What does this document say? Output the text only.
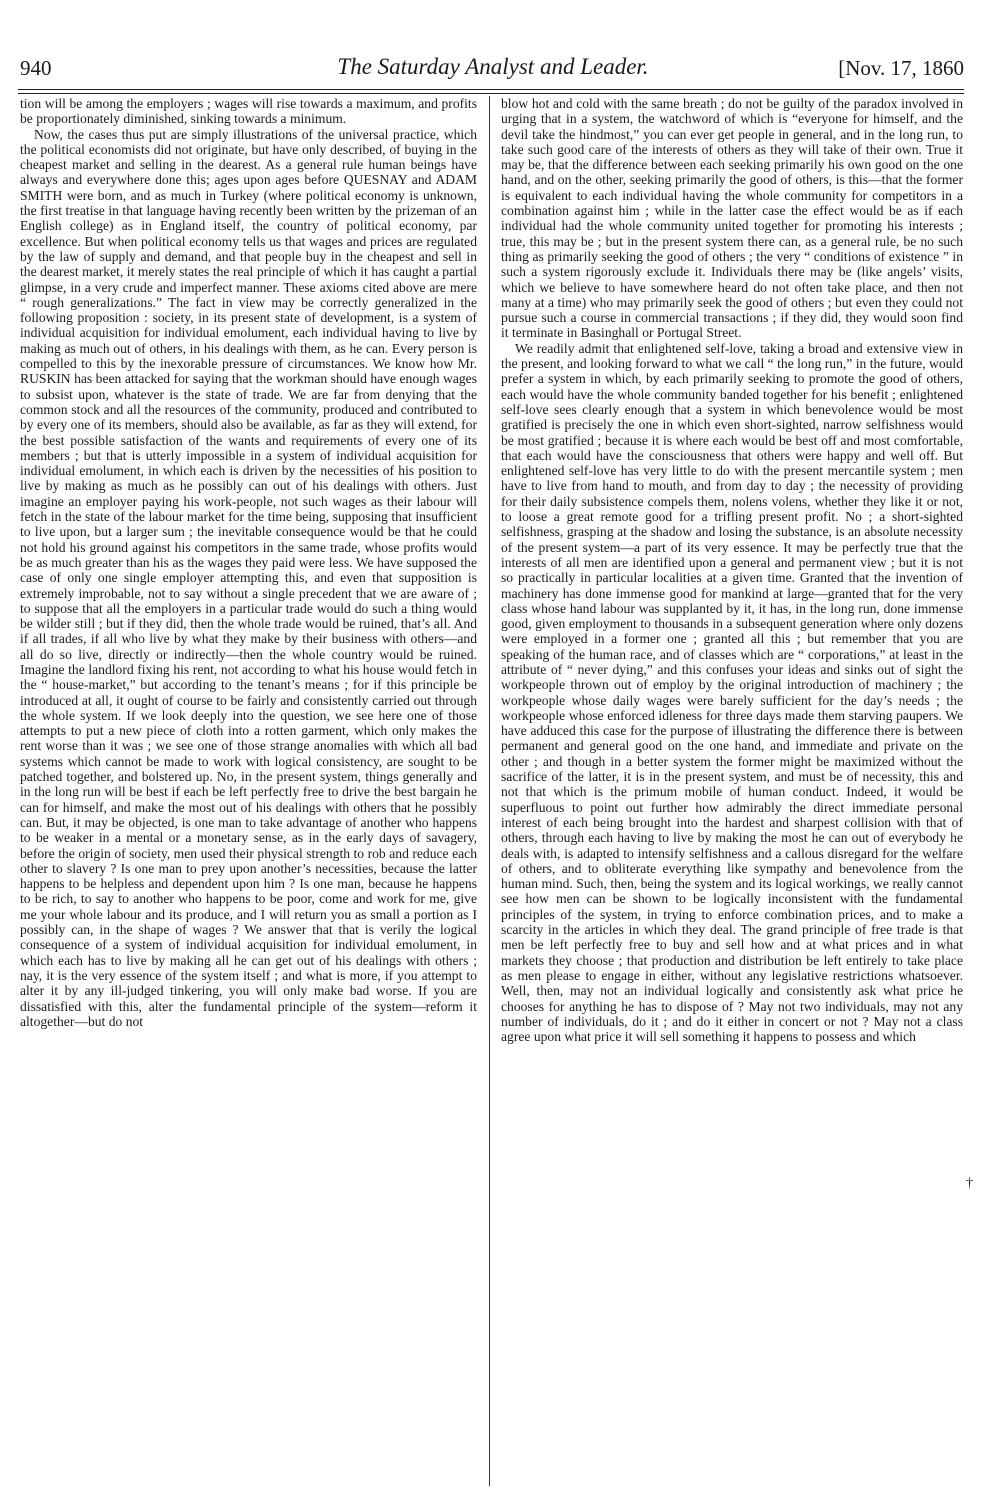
940	The Saturday Analyst and Leader.	[Nov. 17, 1860

tion will be among the employers ; wages will rise towards a maximum, and profits be proportionately diminished, sinking towards a minimum.

Now, the cases thus put are simply illustrations of the universal practice, which the political economists did not originate, but have only described, of buying in the cheapest market and selling in the dearest. As a general rule human beings have always and everywhere done this; ages upon ages before QUESNAY and ADAM SMITH were born, and as much in Turkey (where political economy is unknown, the first treatise in that language having recently been written by the prizeman of an English college) as in England itself, the country of political economy, par excellence. But when political economy tells us that wages and prices are regulated by the law of supply and demand, and that people buy in the cheapest and sell in the dearest market, it merely states the real principle of which it has caught a partial glimpse, in a very crude and imperfect manner. These axioms cited above are mere “ rough generalizations.” The fact in view may be correctly generalized in the following proposition : society, in its present state of development, is a system of individual acquisition for individual emolument, each individual having to live by making as much out of others, in his dealings with them, as he can. Every person is compelled to this by the inexorable pressure of circumstances. We know how Mr. RUSKIN has been attacked for saying that the workman should have enough wages to subsist upon, whatever is the state of trade. We are far from denying that the common stock and all the resources of the community, produced and contributed to by every one of its members, should also be available, as far as they will extend, for the best possible satisfaction of the wants and requirements of every one of its members ; but that is utterly impossible in a system of individual acquisition for individual emolument, in which each is driven by the necessities of his position to live by making as much as he possibly can out of his dealings with others. Just imagine an employer paying his work-people, not such wages as their labour will fetch in the state of the labour market for the time being, supposing that insufficient to live upon, but a larger sum ; the inevitable consequence would be that he could not hold his ground against his competitors in the same trade, whose profits would be as much greater than his as the wages they paid were less. We have supposed the case of only one single employer attempting this, and even that supposition is extremely improbable, not to say without a single precedent that we are aware of ; to suppose that all the employers in a particular trade would do such a thing would be wilder still ; but if they did, then the whole trade would be ruined, that’s all. And if all trades, if all who live by what they make by their business with others—and all do so live, directly or indirectly—then the whole country would be ruined. Imagine the landlord fixing his rent, not according to what his house would fetch in the “ house-market,” but according to the tenant’s means ; for if this principle be introduced at all, it ought of course to be fairly and consistently carried out through the whole system. If we look deeply into the question, we see here one of those attempts to put a new piece of cloth into a rotten garment, which only makes the rent worse than it was ; we see one of those strange anomalies with which all bad systems which cannot be made to work with logical consistency, are sought to be patched together, and bolstered up. No, in the present system, things generally and in the long run will be best if each be left perfectly free to drive the best bargain he can for himself, and make the most out of his dealings with others that he possibly can. But, it may be objected, is one man to take advantage of another who happens to be weaker in a mental or a monetary sense, as in the early days of savagery, before the origin of society, men used their physical strength to rob and reduce each other to slavery ? Is one man to prey upon another’s necessities, because the latter happens to be helpless and dependent upon him ? Is one man, because he happens to be rich, to say to another who happens to be poor, come and work for me, give me your whole labour and its produce, and I will return you as small a portion as I possibly can, in the shape of wages ? We answer that that is verily the logical consequence of a system of individual acquisition for individual emolument, in which each has to live by making all he can get out of his dealings with others ; nay, it is the very essence of the system itself ; and what is more, if you attempt to alter it by any ill-judged tinkering, you will only make bad worse. If you are dissatisfied with this, alter the fundamental principle of the system—reform it altogether—but do not

blow hot and cold with the same breath ; do not be guilty of the paradox involved in urging that in a system, the watchword of which is “everyone for himself, and the devil take the hindmost,” you can ever get people in general, and in the long run, to take such good care of the interests of others as they will take of their own. True it may be, that the difference between each seeking primarily his own good on the one hand, and on the other, seeking primarily the good of others, is this—that the former is equivalent to each individual having the whole community for competitors in a combination against him ; while in the latter case the effect would be as if each individual had the whole community united together for promoting his interests ; true, this may be ; but in the present system there can, as a general rule, be no such thing as primarily seeking the good of others ; the very “ conditions of existence ” in such a system rigorously exclude it. Individuals there may be (like angels’ visits, which we believe to have somewhere heard do not often take place, and then not many at a time) who may primarily seek the good of others ; but even they could not pursue such a course in commercial transactions ; if they did, they would soon find it terminate in Basinghall or Portugal Street.

We readily admit that enlightened self-love, taking a broad and extensive view in the present, and looking forward to what we call “ the long run,” in the future, would prefer a system in which, by each primarily seeking to promote the good of others, each would have the whole community banded together for his benefit ; enlightened self-love sees clearly enough that a system in which benevolence would be most gratified is precisely the one in which even short-sighted, narrow selfishness would be most gratified ; because it is where each would be best off and most comfortable, that each would have the consciousness that others were happy and well off. But enlightened self-love has very little to do with the present mercantile system ; men have to live from hand to mouth, and from day to day ; the necessity of providing for their daily subsistence compels them, nolens volens, whether they like it or not, to loose a great remote good for a trifling present profit. No ; a short-sighted selfishness, grasping at the shadow and losing the substance, is an absolute necessity of the present system—a part of its very essence. It may be perfectly true that the interests of all men are identified upon a general and permanent view ; but it is not so practically in particular localities at a given time. Granted that the invention of machinery has done immense good for mankind at large—granted that for the very class whose hand labour was supplanted by it, it has, in the long run, done immense good, given employment to thousands in a subsequent generation where only dozens were employed in a former one ; granted all this ; but remember that you are speaking of the human race, and of classes which are “ corporations,” at least in the attribute of “ never dying,” and this confuses your ideas and sinks out of sight the workpeople thrown out of employ by the original introduction of machinery ; the workpeople whose daily wages were barely sufficient for the day’s needs ; the workpeople whose enforced idleness for three days made them starving paupers. We have adduced this case for the purpose of illustrating the difference there is between permanent and general good on the one hand, and immediate and private on the other ; and though in a better system the former might be maximized without the sacrifice of the latter, it is in the present system, and must be of necessity, this and not that which is the primum mobile of human conduct. Indeed, it would be superfluous to point out further how admirably the direct immediate personal interest of each being brought into the hardest and sharpest collision with that of others, through each having to live by making the most he can out of everybody he deals with, is adapted to intensify selfishness and a callous disregard for the welfare of others, and to obliterate everything like sympathy and benevolence from the human mind. Such, then, being the system and its logical workings, we really cannot see how men can be shown to be logically inconsistent with the fundamental principles of the system, in trying to enforce combination prices, and to make a scarcity in the articles in which they deal. The grand principle of free trade is that men be left perfectly free to buy and sell how and at what prices and in what markets they choose ; that production and distribution be left entirely to take place as men please to engage in either, without any legislative restrictions whatsoever. Well, then, may not an individual logically and consistently ask what price he chooses for anything he has to dispose of ? May not two individuals, may not any number of individuals, do it ; and do it either in concert or not ? May not a class agree upon what price it will sell something it happens to possess and which

†
